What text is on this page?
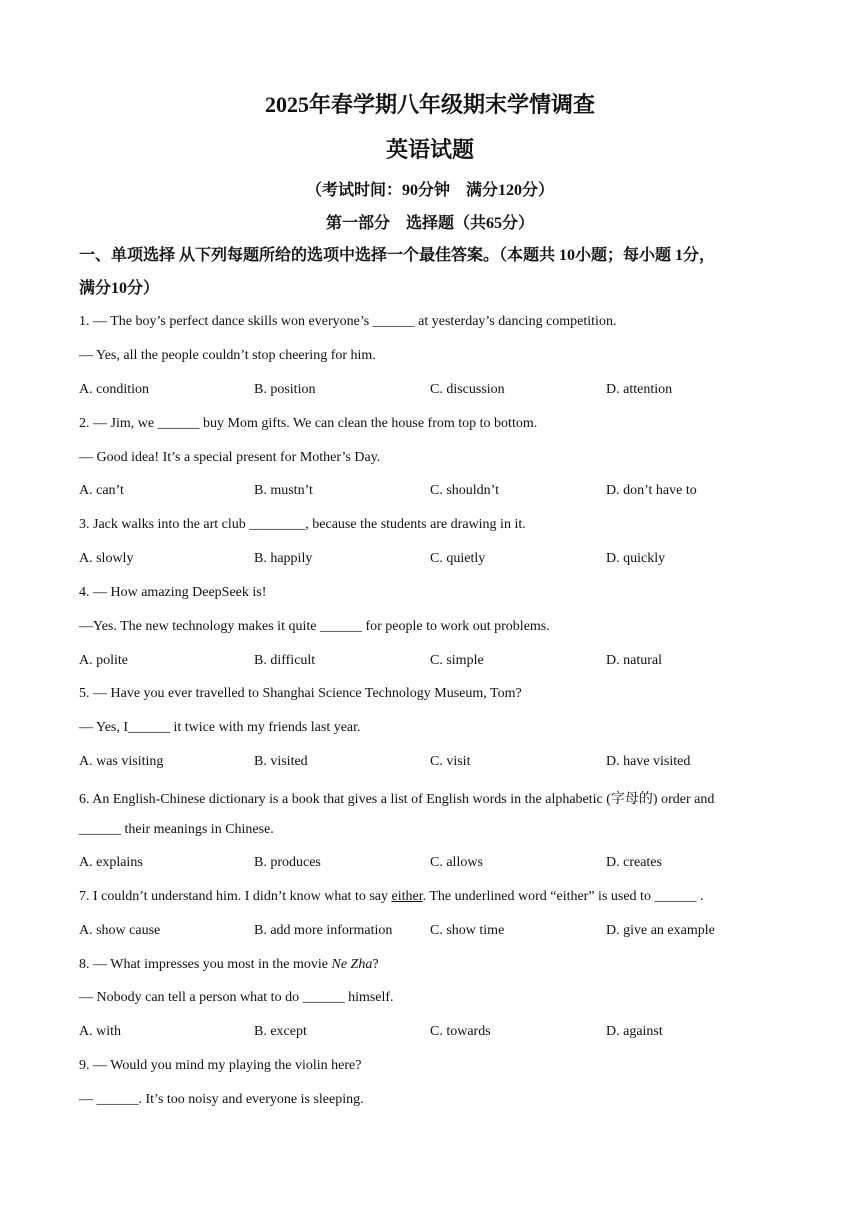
2025年春学期八年级期末学情调查
英语试题
（考试时间：90分钟　满分120分）
第一部分　选择题（共65分）
一、单项选择 从下列每题所给的选项中选择一个最佳答案。（本题共 10小题；每小题 1分，
满分10分）
1. — The boy’s perfect dance skills won everyone’s ______ at yesterday’s dancing competition.
— Yes, all the people couldn’t stop cheering for him.
A. condition	B. position	C. discussion	D. attention
2. — Jim, we ______ buy Mom gifts. We can clean the house from top to bottom.
— Good idea! It’s a special present for Mother’s Day.
A. can’t	B. mustn’t	C. shouldn’t	D. don’t have to
3. Jack walks into the art club ________, because the students are drawing in it.
A. slowly	B. happily	C. quietly	D. quickly
4. — How amazing DeepSeek is!
—Yes. The new technology makes it quite ______ for people to work out problems.
A. polite	B. difficult	C. simple	D. natural
5. — Have you ever travelled to Shanghai Science Technology Museum, Tom?
— Yes, I______ it twice with my friends last year.
A. was visiting	B. visited	C. visit	D. have visited
6. An English-Chinese dictionary is a book that gives a list of English words in the alphabetic (字母的) order and
______ their meanings in Chinese.
A. explains	B. produces	C. allows	D. creates
7. I couldn’t understand him. I didn’t know what to say either. The underlined word “either” is used to ______ .
A. show cause	B. add more information	C. show time	D. give an example
8. — What impresses you most in the movie Ne Zha?
— Nobody can tell a person what to do ______ himself.
A. with	B. except	C. towards	D. against
9. — Would you mind my playing the violin here?
— ______. It’s too noisy and everyone is sleeping.
